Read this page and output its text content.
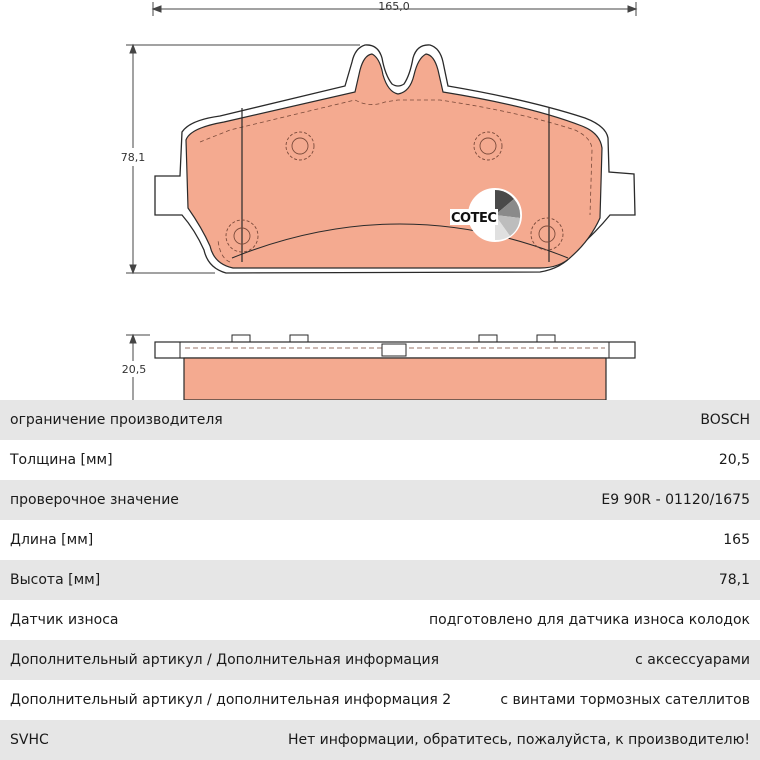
165,0
78,1
COTEC
20,5
ограничение производителя	BOSCH
Толщина [мм]	20,5
проверочное значение	E9 90R - 01120/1675
Длина [мм]	165
Высота [мм]	78,1
Датчик износа	подготовлено для датчика износа колодок
Дополнительный артикул / Дополнительная информация	с аксессуарами
Дополнительный артикул / дополнительная информация 2	с винтами тормозных сателлитов
SVHC	Нет информации, обратитесь, пожалуйста, к производителю!
